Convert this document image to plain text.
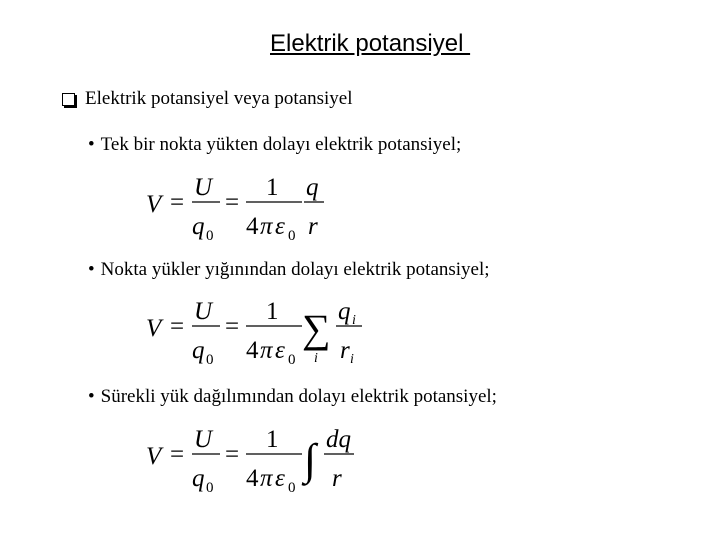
Elektrik potansiyel
Elektrik potansiyel veya potansiyel
• Tek bir nokta yükten dolayı elektrik potansiyel;
V =
U
q 0
=
1
4 π ε 0
q
r
• Nokta yükler yığınından dolayı elektrik potansiyel;
V =
U
q 0
=
1
4 π ε 0
∑
i
q i
r i
• Sürekli yük dağılımından dolayı elektrik potansiyel;
V =
U
q 0
=
1
4 π ε 0
∫ dq
r
